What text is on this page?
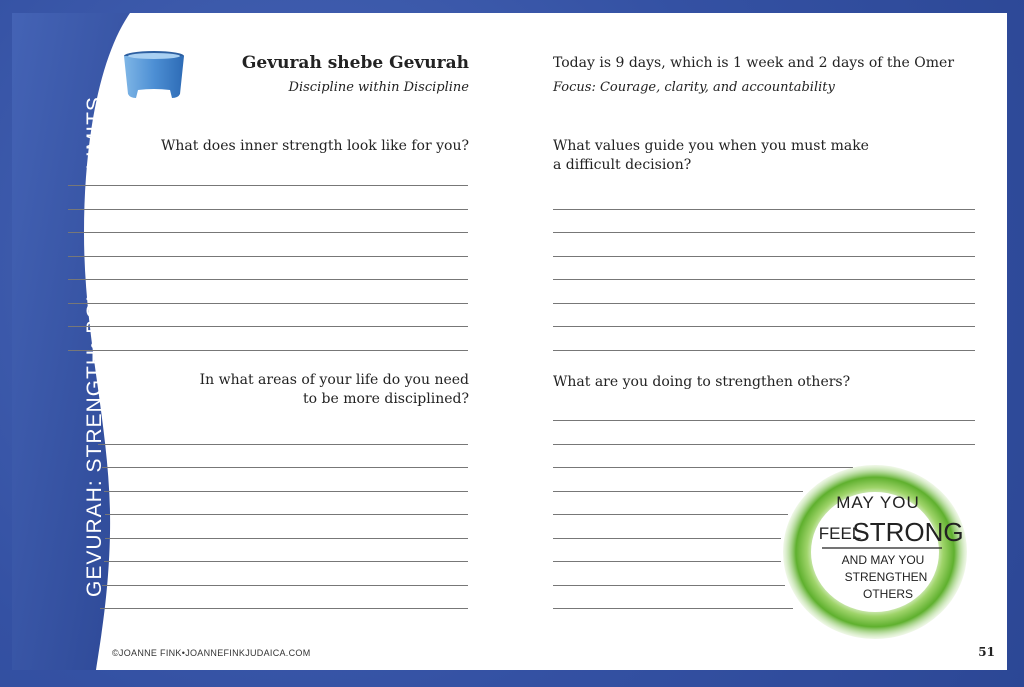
GEVURAH: STRENGTH• BOUNDARIES• LIMITS
Gevurah shebe Gevurah
Discipline within Discipline
Today is 9 days, which is 1 week and 2 days of the Omer
Focus: Courage, clarity, and accountability
What does inner strength look like for you?
In what areas of your life do you need
to be more disciplined?
What values guide you when you must make
a difficult decision?
What are you doing to strengthen others?
MAY YOU
FEEL
STRONG
AND MAY YOU
STRENGTHEN
OTHERS
©JOANNE FINK•JOANNEFINKJUDAICA.COM	51
